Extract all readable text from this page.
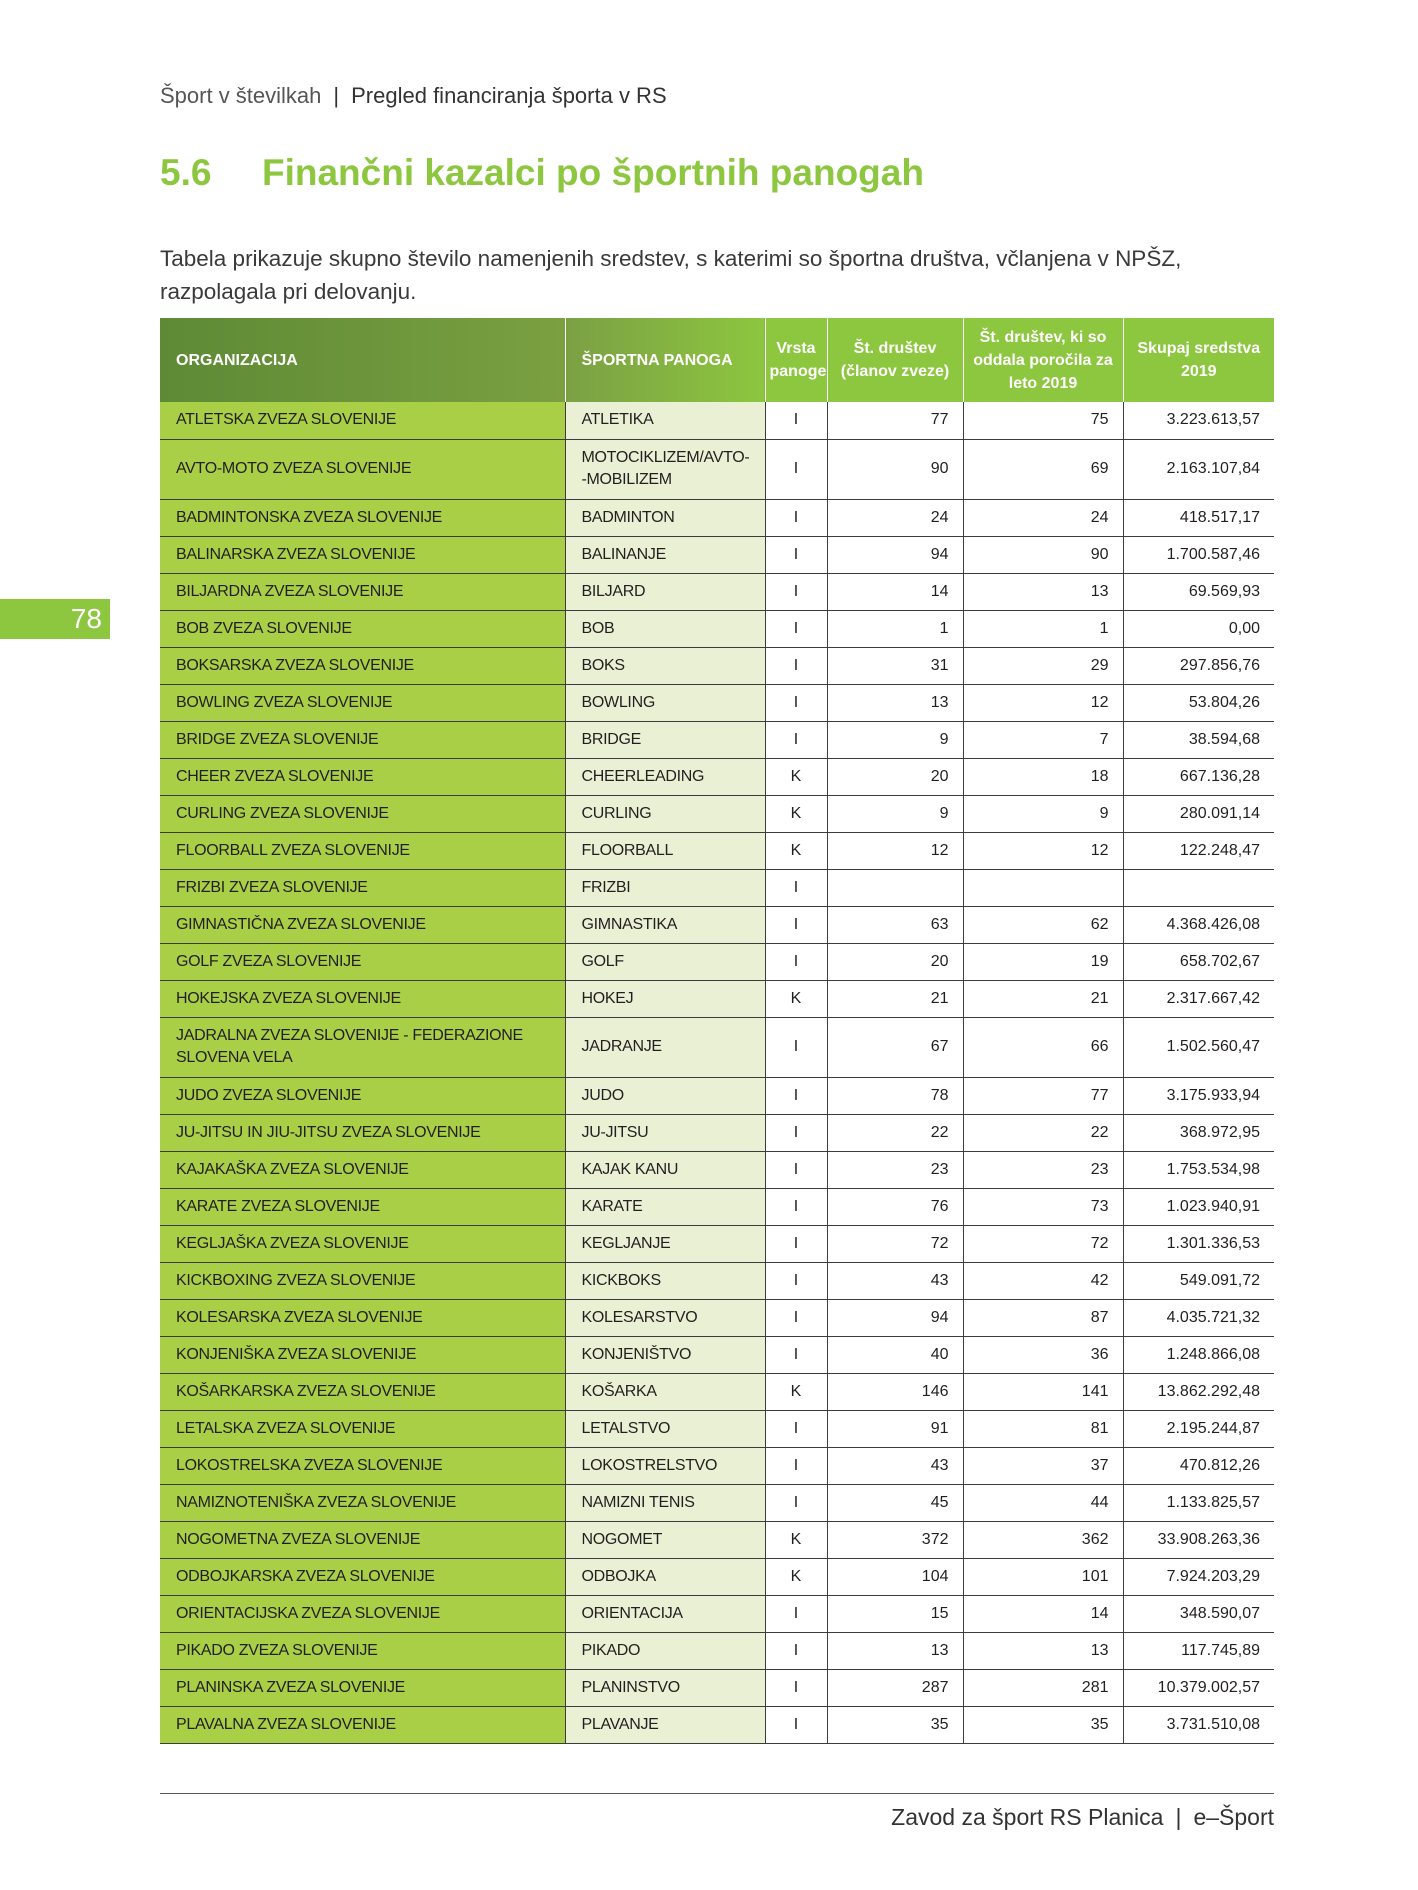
Šport v številkah | Pregled financiranja športa v RS
5.6 Finančni kazalci po športnih panogah
Tabela prikazuje skupno število namenjenih sredstev, s katerimi so športna društva, včlanjena v NPŠZ, razpolagala pri delovanju.
78
ORGANIZACIJA	ŠPORTNA PANOGA	Vrsta panoge	Št. društev (članov zveze)	Št. društev, ki so oddala poročila za leto 2019	Skupaj sredstva 2019
ATLETSKA ZVEZA SLOVENIJE	ATLETIKA	I	77	75	3.223.613,57
AVTO-MOTO ZVEZA SLOVENIJE	MOTOCIKLIZEM/AVTO--MOBILIZEM	I	90	69	2.163.107,84
BADMINTONSKA ZVEZA SLOVENIJE	BADMINTON	I	24	24	418.517,17
BALINARSKA ZVEZA SLOVENIJE	BALINANJE	I	94	90	1.700.587,46
BILJARDNA ZVEZA SLOVENIJE	BILJARD	I	14	13	69.569,93
BOB ZVEZA SLOVENIJE	BOB	I	1	1	0,00
BOKSARSKA ZVEZA SLOVENIJE	BOKS	I	31	29	297.856,76
BOWLING ZVEZA SLOVENIJE	BOWLING	I	13	12	53.804,26
BRIDGE ZVEZA SLOVENIJE	BRIDGE	I	9	7	38.594,68
CHEER ZVEZA SLOVENIJE	CHEERLEADING	K	20	18	667.136,28
CURLING ZVEZA SLOVENIJE	CURLING	K	9	9	280.091,14
FLOORBALL ZVEZA SLOVENIJE	FLOORBALL	K	12	12	122.248,47
FRIZBI ZVEZA SLOVENIJE	FRIZBI	I			
GIMNASTIČNA ZVEZA SLOVENIJE	GIMNASTIKA	I	63	62	4.368.426,08
GOLF ZVEZA SLOVENIJE	GOLF	I	20	19	658.702,67
HOKEJSKA ZVEZA SLOVENIJE	HOKEJ	K	21	21	2.317.667,42
JADRALNA ZVEZA SLOVENIJE - FEDERAZIONE SLOVENA VELA	JADRANJE	I	67	66	1.502.560,47
JUDO ZVEZA SLOVENIJE	JUDO	I	78	77	3.175.933,94
JU-JITSU IN JIU-JITSU ZVEZA SLOVENIJE	JU-JITSU	I	22	22	368.972,95
KAJAKAŠKA ZVEZA SLOVENIJE	KAJAK KANU	I	23	23	1.753.534,98
KARATE ZVEZA SLOVENIJE	KARATE	I	76	73	1.023.940,91
KEGLJAŠKA ZVEZA SLOVENIJE	KEGLJANJE	I	72	72	1.301.336,53
KICKBOXING ZVEZA SLOVENIJE	KICKBOKS	I	43	42	549.091,72
KOLESARSKA ZVEZA SLOVENIJE	KOLESARSTVO	I	94	87	4.035.721,32
KONJENIŠKA ZVEZA SLOVENIJE	KONJENIŠTVO	I	40	36	1.248.866,08
KOŠARKARSKA ZVEZA SLOVENIJE	KOŠARKA	K	146	141	13.862.292,48
LETALSKA ZVEZA SLOVENIJE	LETALSTVO	I	91	81	2.195.244,87
LOKOSTRELSKA ZVEZA SLOVENIJE	LOKOSTRELSTVO	I	43	37	470.812,26
NAMIZNOTENIŠKA ZVEZA SLOVENIJE	NAMIZNI TENIS	I	45	44	1.133.825,57
NOGOMETNA ZVEZA SLOVENIJE	NOGOMET	K	372	362	33.908.263,36
ODBOJKARSKA ZVEZA SLOVENIJE	ODBOJKA	K	104	101	7.924.203,29
ORIENTACIJSKA ZVEZA SLOVENIJE	ORIENTACIJA	I	15	14	348.590,07
PIKADO ZVEZA SLOVENIJE	PIKADO	I	13	13	117.745,89
PLANINSKA ZVEZA SLOVENIJE	PLANINSTVO	I	287	281	10.379.002,57
PLAVALNA ZVEZA SLOVENIJE	PLAVANJE	I	35	35	3.731.510,08
Zavod za šport RS Planica | e–Šport
